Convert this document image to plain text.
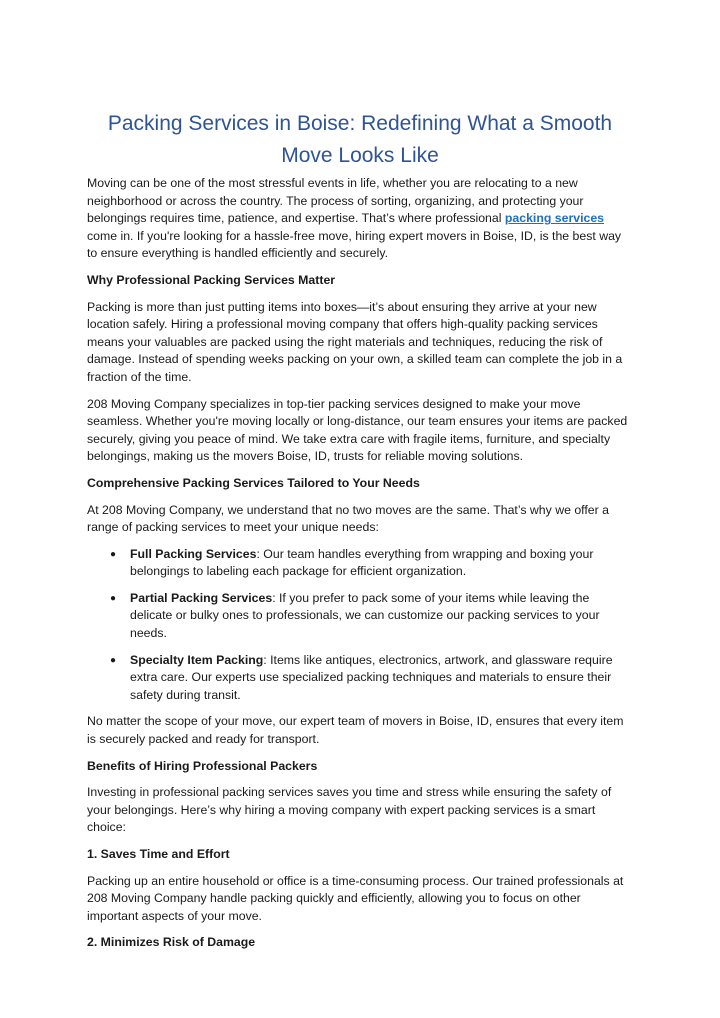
Packing Services in Boise: Redefining What a Smooth
Move Looks Like

Moving can be one of the most stressful events in life, whether you are relocating to a new neighborhood or across the country. The process of sorting, organizing, and protecting your belongings requires time, patience, and expertise. That’s where professional packing services come in. If you're looking for a hassle-free move, hiring expert movers in Boise, ID, is the best way to ensure everything is handled efficiently and securely.

Why Professional Packing Services Matter

Packing is more than just putting items into boxes—it’s about ensuring they arrive at your new location safely. Hiring a professional moving company that offers high-quality packing services means your valuables are packed using the right materials and techniques, reducing the risk of damage. Instead of spending weeks packing on your own, a skilled team can complete the job in a fraction of the time.

208 Moving Company specializes in top-tier packing services designed to make your move seamless. Whether you're moving locally or long-distance, our team ensures your items are packed securely, giving you peace of mind. We take extra care with fragile items, furniture, and specialty belongings, making us the movers Boise, ID, trusts for reliable moving solutions.

Comprehensive Packing Services Tailored to Your Needs

At 208 Moving Company, we understand that no two moves are the same. That’s why we offer a range of packing services to meet your unique needs:

● Full Packing Services: Our team handles everything from wrapping and boxing your belongings to labeling each package for efficient organization.
● Partial Packing Services: If you prefer to pack some of your items while leaving the delicate or bulky ones to professionals, we can customize our packing services to your needs.
● Specialty Item Packing: Items like antiques, electronics, artwork, and glassware require extra care. Our experts use specialized packing techniques and materials to ensure their safety during transit.

No matter the scope of your move, our expert team of movers in Boise, ID, ensures that every item is securely packed and ready for transport.

Benefits of Hiring Professional Packers

Investing in professional packing services saves you time and stress while ensuring the safety of your belongings. Here’s why hiring a moving company with expert packing services is a smart choice:

1. Saves Time and Effort

Packing up an entire household or office is a time-consuming process. Our trained professionals at 208 Moving Company handle packing quickly and efficiently, allowing you to focus on other important aspects of your move.

2. Minimizes Risk of Damage
